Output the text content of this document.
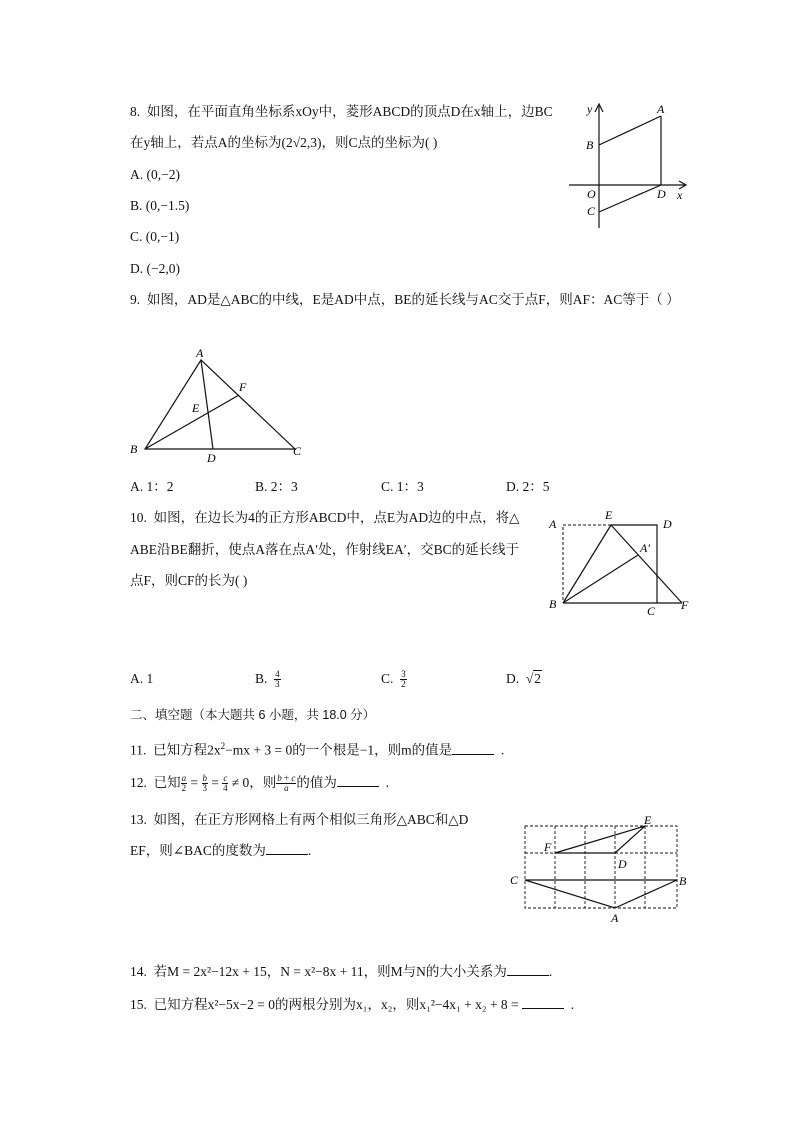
8. 如图，在平面直角坐标系xOy中，菱形ABCD的顶点D在x轴上，边BC
在y轴上，若点A的坐标为(2√2,3)，则C点的坐标为( )
A. (0,−2)
B. (0,−1.5)
C. (0,−1)
D. (−2,0)
y	A
B
O
C
D x
9. 如图，AD是△ABC的中线，E是AD中点，BE的延长线与AC交于点F，则AF：AC等于（ ）
A
F
E
B
D	C
A. 1：2	B. 2：3	C. 1：3	D. 2：5
10. 如图，在边长为4的正方形ABCD中，点E为AD边的中点，将△
ABE沿BE翻折，使点A落在点A′处，作射线EA′，交BC的延长线于
点F，则CF的长为( )
A
E
D
A′
B	C F
A. 1	B. $\frac{4}{3}$	C. $\frac{3}{2}$	D.  √2
二、填空题（本大题共 6 小题，共 18.0 分）
11. 已知方程$2x^2-mx + 3 = 0$的一个根是−1，则m的值是	.
12. 已知 $\frac{a}{2} = \frac{b}{3} = \frac{c}{4} \ne 0$，则 $\frac{b + c}{a}$ 的值为	.
13. 如图，在正方形网格上有两个相似三角形△ABC和△D
EF，则∠BAC的度数为	.
E
F
D
C	B
A
14. 若M = 2x²−12x + 15，N = x²−8x + 11，则M与N的大小关系为	.
15. 已知方程x²−5x−2 = 0的两根分别为x₁，x₂，则x₁²−4x₁ + x₂ + 8 =	.
